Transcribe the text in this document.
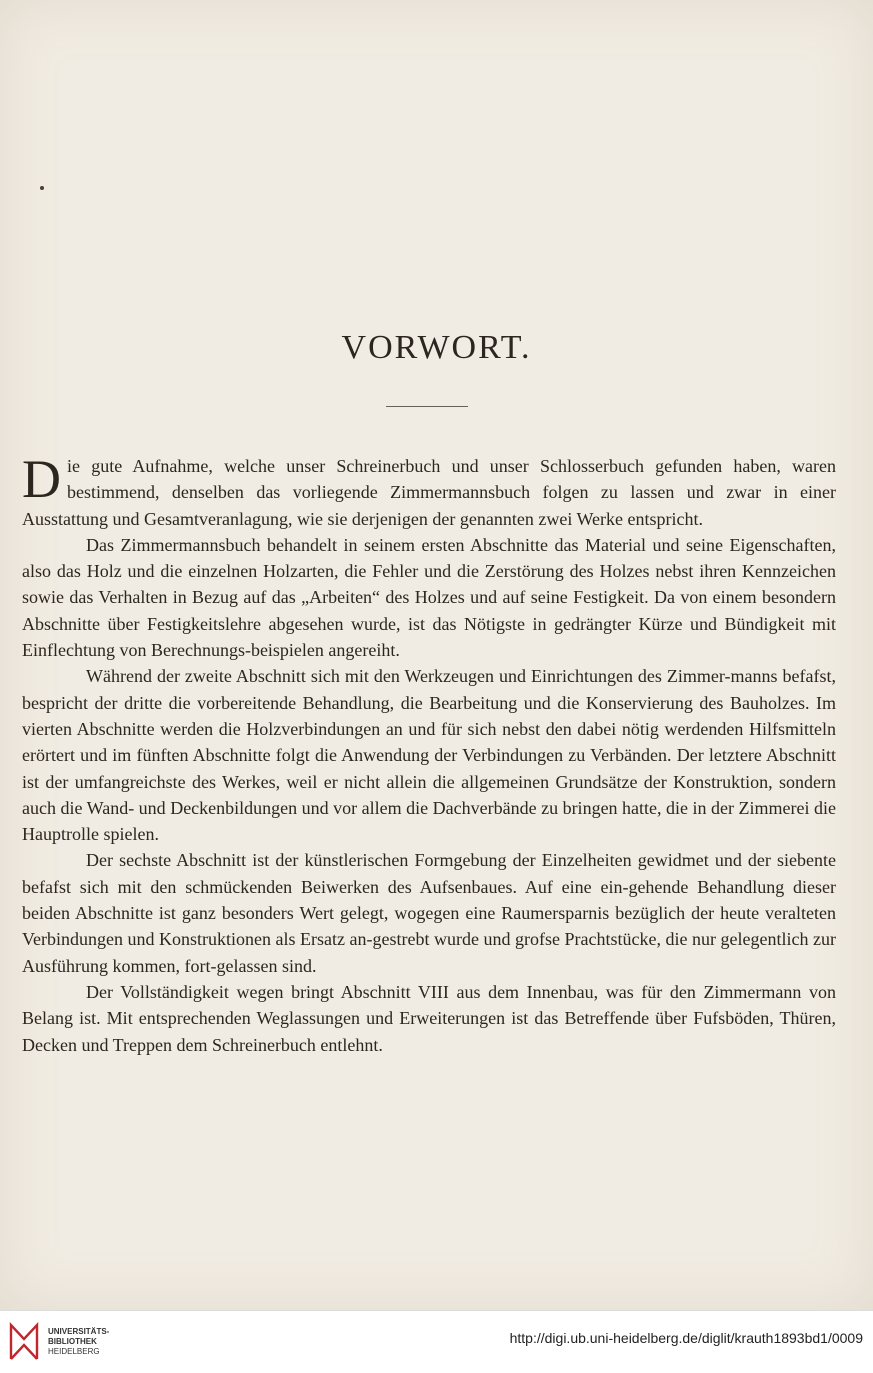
VORWORT.

Die gute Aufnahme, welche unser Schreinerbuch und unser Schlosserbuch gefunden haben, waren bestimmend, denselben das vorliegende Zimmermannsbuch folgen zu lassen und zwar in einer Ausstattung und Gesamtveranlagung, wie sie derjenigen der genannten zwei Werke entspricht.

Das Zimmermannsbuch behandelt in seinem ersten Abschnitte das Material und seine Eigenschaften, also das Holz und die einzelnen Holzarten, die Fehler und die Zerstörung des Holzes nebst ihren Kennzeichen sowie das Verhalten in Bezug auf das „Arbeiten“ des Holzes und auf seine Festigkeit. Da von einem besondern Abschnitte über Festigkeitslehre abgesehen wurde, ist das Nötigste in gedrängter Kürze und Bündigkeit mit Einflechtung von Berechnungs-beispielen angereiht.

Während der zweite Abschnitt sich mit den Werkzeugen und Einrichtungen des Zimmer-manns befafst, bespricht der dritte die vorbereitende Behandlung, die Bearbeitung und die Konservierung des Bauholzes. Im vierten Abschnitte werden die Holzverbindungen an und für sich nebst den dabei nötig werdenden Hilfsmitteln erörtert und im fünften Abschnitte folgt die Anwendung der Verbindungen zu Verbänden. Der letztere Abschnitt ist der umfangreichste des Werkes, weil er nicht allein die allgemeinen Grundsätze der Konstruktion, sondern auch die Wand- und Deckenbildungen und vor allem die Dachverbände zu bringen hatte, die in der Zimmerei die Hauptrolle spielen.

Der sechste Abschnitt ist der künstlerischen Formgebung der Einzelheiten gewidmet und der siebente befafst sich mit den schmückenden Beiwerken des Aufsenbaues. Auf eine ein-gehende Behandlung dieser beiden Abschnitte ist ganz besonders Wert gelegt, wogegen eine Raumersparnis bezüglich der heute veralteten Verbindungen und Konstruktionen als Ersatz an-gestrebt wurde und grofse Prachtstücke, die nur gelegentlich zur Ausführung kommen, fort-gelassen sind.

Der Vollständigkeit wegen bringt Abschnitt VIII aus dem Innenbau, was für den Zimmermann von Belang ist. Mit entsprechenden Weglassungen und Erweiterungen ist das Betreffende über Fufsböden, Thüren, Decken und Treppen dem Schreinerbuch entlehnt.

UNIVERSITÄTS-
BIBLIOTHEK
HEIDELBERG
http://digi.ub.uni-heidelberg.de/diglit/krauth1893bd1/0009
